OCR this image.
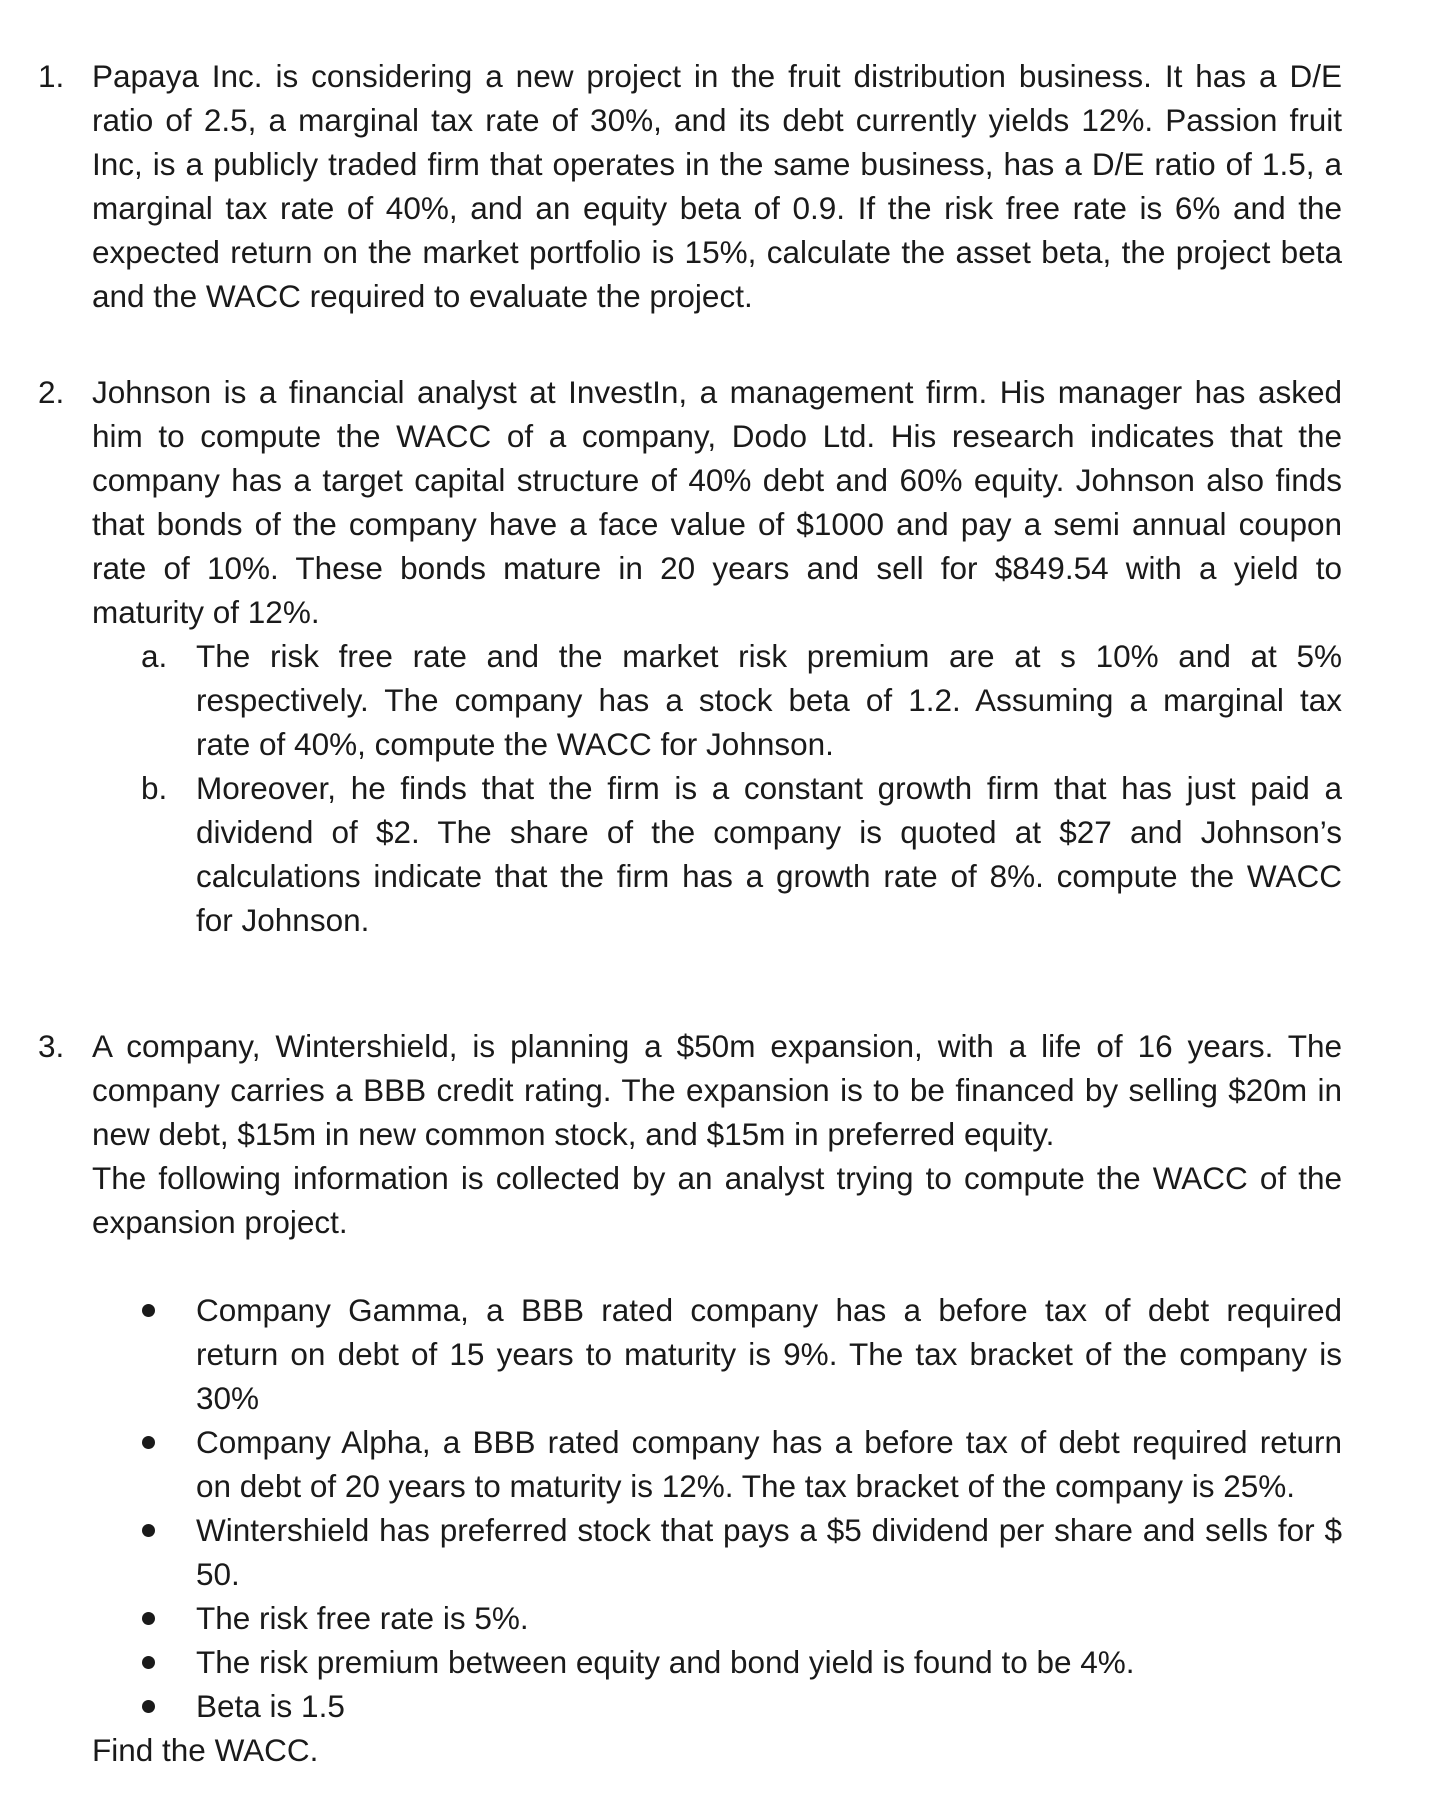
1. Papaya Inc. is considering a new project in the fruit distribution business. It has a D/E
ratio of 2.5, a marginal tax rate of 30%, and its debt currently yields 12%. Passion fruit
Inc, is a publicly traded firm that operates in the same business, has a D/E ratio of 1.5, a
marginal tax rate of 40%, and an equity beta of 0.9. If the risk free rate is 6% and the
expected return on the market portfolio is 15%, calculate the asset beta, the project beta
and the WACC required to evaluate the project.
2. Johnson is a financial analyst at InvestIn, a management firm. His manager has asked
him to compute the WACC of a company, Dodo Ltd. His research indicates that the
company has a target capital structure of 40% debt and 60% equity. Johnson also finds
that bonds of the company have a face value of $1000 and pay a semi annual coupon
rate of 10%. These bonds mature in 20 years and sell for $849.54 with a yield to
maturity of 12%.
a. The risk free rate and the market risk premium are at s 10% and at 5%
respectively. The company has a stock beta of 1.2. Assuming a marginal tax
rate of 40%, compute the WACC for Johnson.
b. Moreover, he finds that the firm is a constant growth firm that has just paid a
dividend of $2. The share of the company is quoted at $27 and Johnson’s
calculations indicate that the firm has a growth rate of 8%. compute the WACC
for Johnson.
3. A company, Wintershield, is planning a $50m expansion, with a life of 16 years. The
company carries a BBB credit rating. The expansion is to be financed by selling $20m in
new debt, $15m in new common stock, and $15m in preferred equity.
The following information is collected by an analyst trying to compute the WACC of the
expansion project.
Company Gamma, a BBB rated company has a before tax of debt required
return on debt of 15 years to maturity is 9%. The tax bracket of the company is
30%
Company Alpha, a BBB rated company has a before tax of debt required return
on debt of 20 years to maturity is 12%. The tax bracket of the company is 25%.
Wintershield has preferred stock that pays a $5 dividend per share and sells for $
50.
The risk free rate is 5%.
The risk premium between equity and bond yield is found to be 4%.
Beta is 1.5
Find the WACC.
